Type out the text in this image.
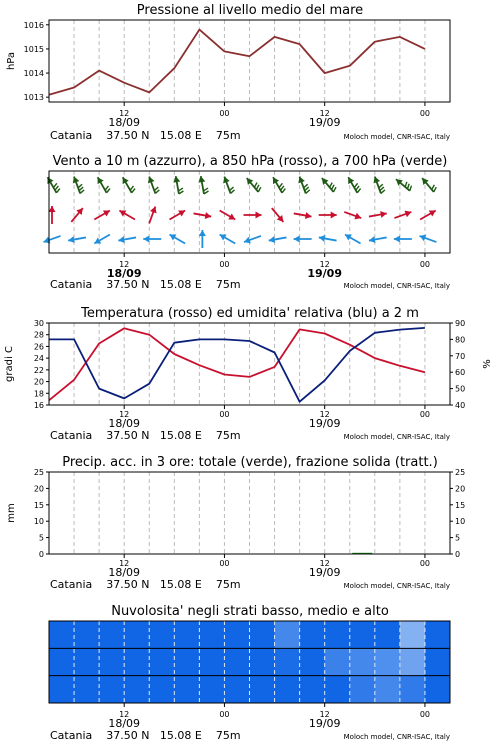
Pressione al livello medio del mare
1013
1014
1015
1016
hPa
12	00	12	00
18/09	19/09
Catania    37.50 N   15.08 E    75m	Moloch model, CNR-ISAC, Italy
Vento a 10 m (azzurro), a 850 hPa (rosso), a 700 hPa (verde)
12	00	12	00
18/09	19/09
Catania    37.50 N   15.08 E    75m	Moloch model, CNR-ISAC, Italy
Temperatura (rosso) ed umidita' relativa (blu) a 2 m
16
18
20
22
24
26
28
30
40
50
60
70
80
90
gradi C	%
12	00	12	00
18/09	19/09
Catania    37.50 N   15.08 E    75m	Moloch model, CNR-ISAC, Italy
Precip. acc. in 3 ore: totale (verde), frazione solida (tratt.)
0
5
10
15
20
25
0
5
10
15
20
25
mm
12	00	12	00
18/09	19/09
Catania    37.50 N   15.08 E    75m	Moloch model, CNR-ISAC, Italy
Nuvolosita' negli strati basso, medio e alto
12	00	12	00
18/09	19/09
Catania    37.50 N   15.08 E    75m	Moloch model, CNR-ISAC, Italy
